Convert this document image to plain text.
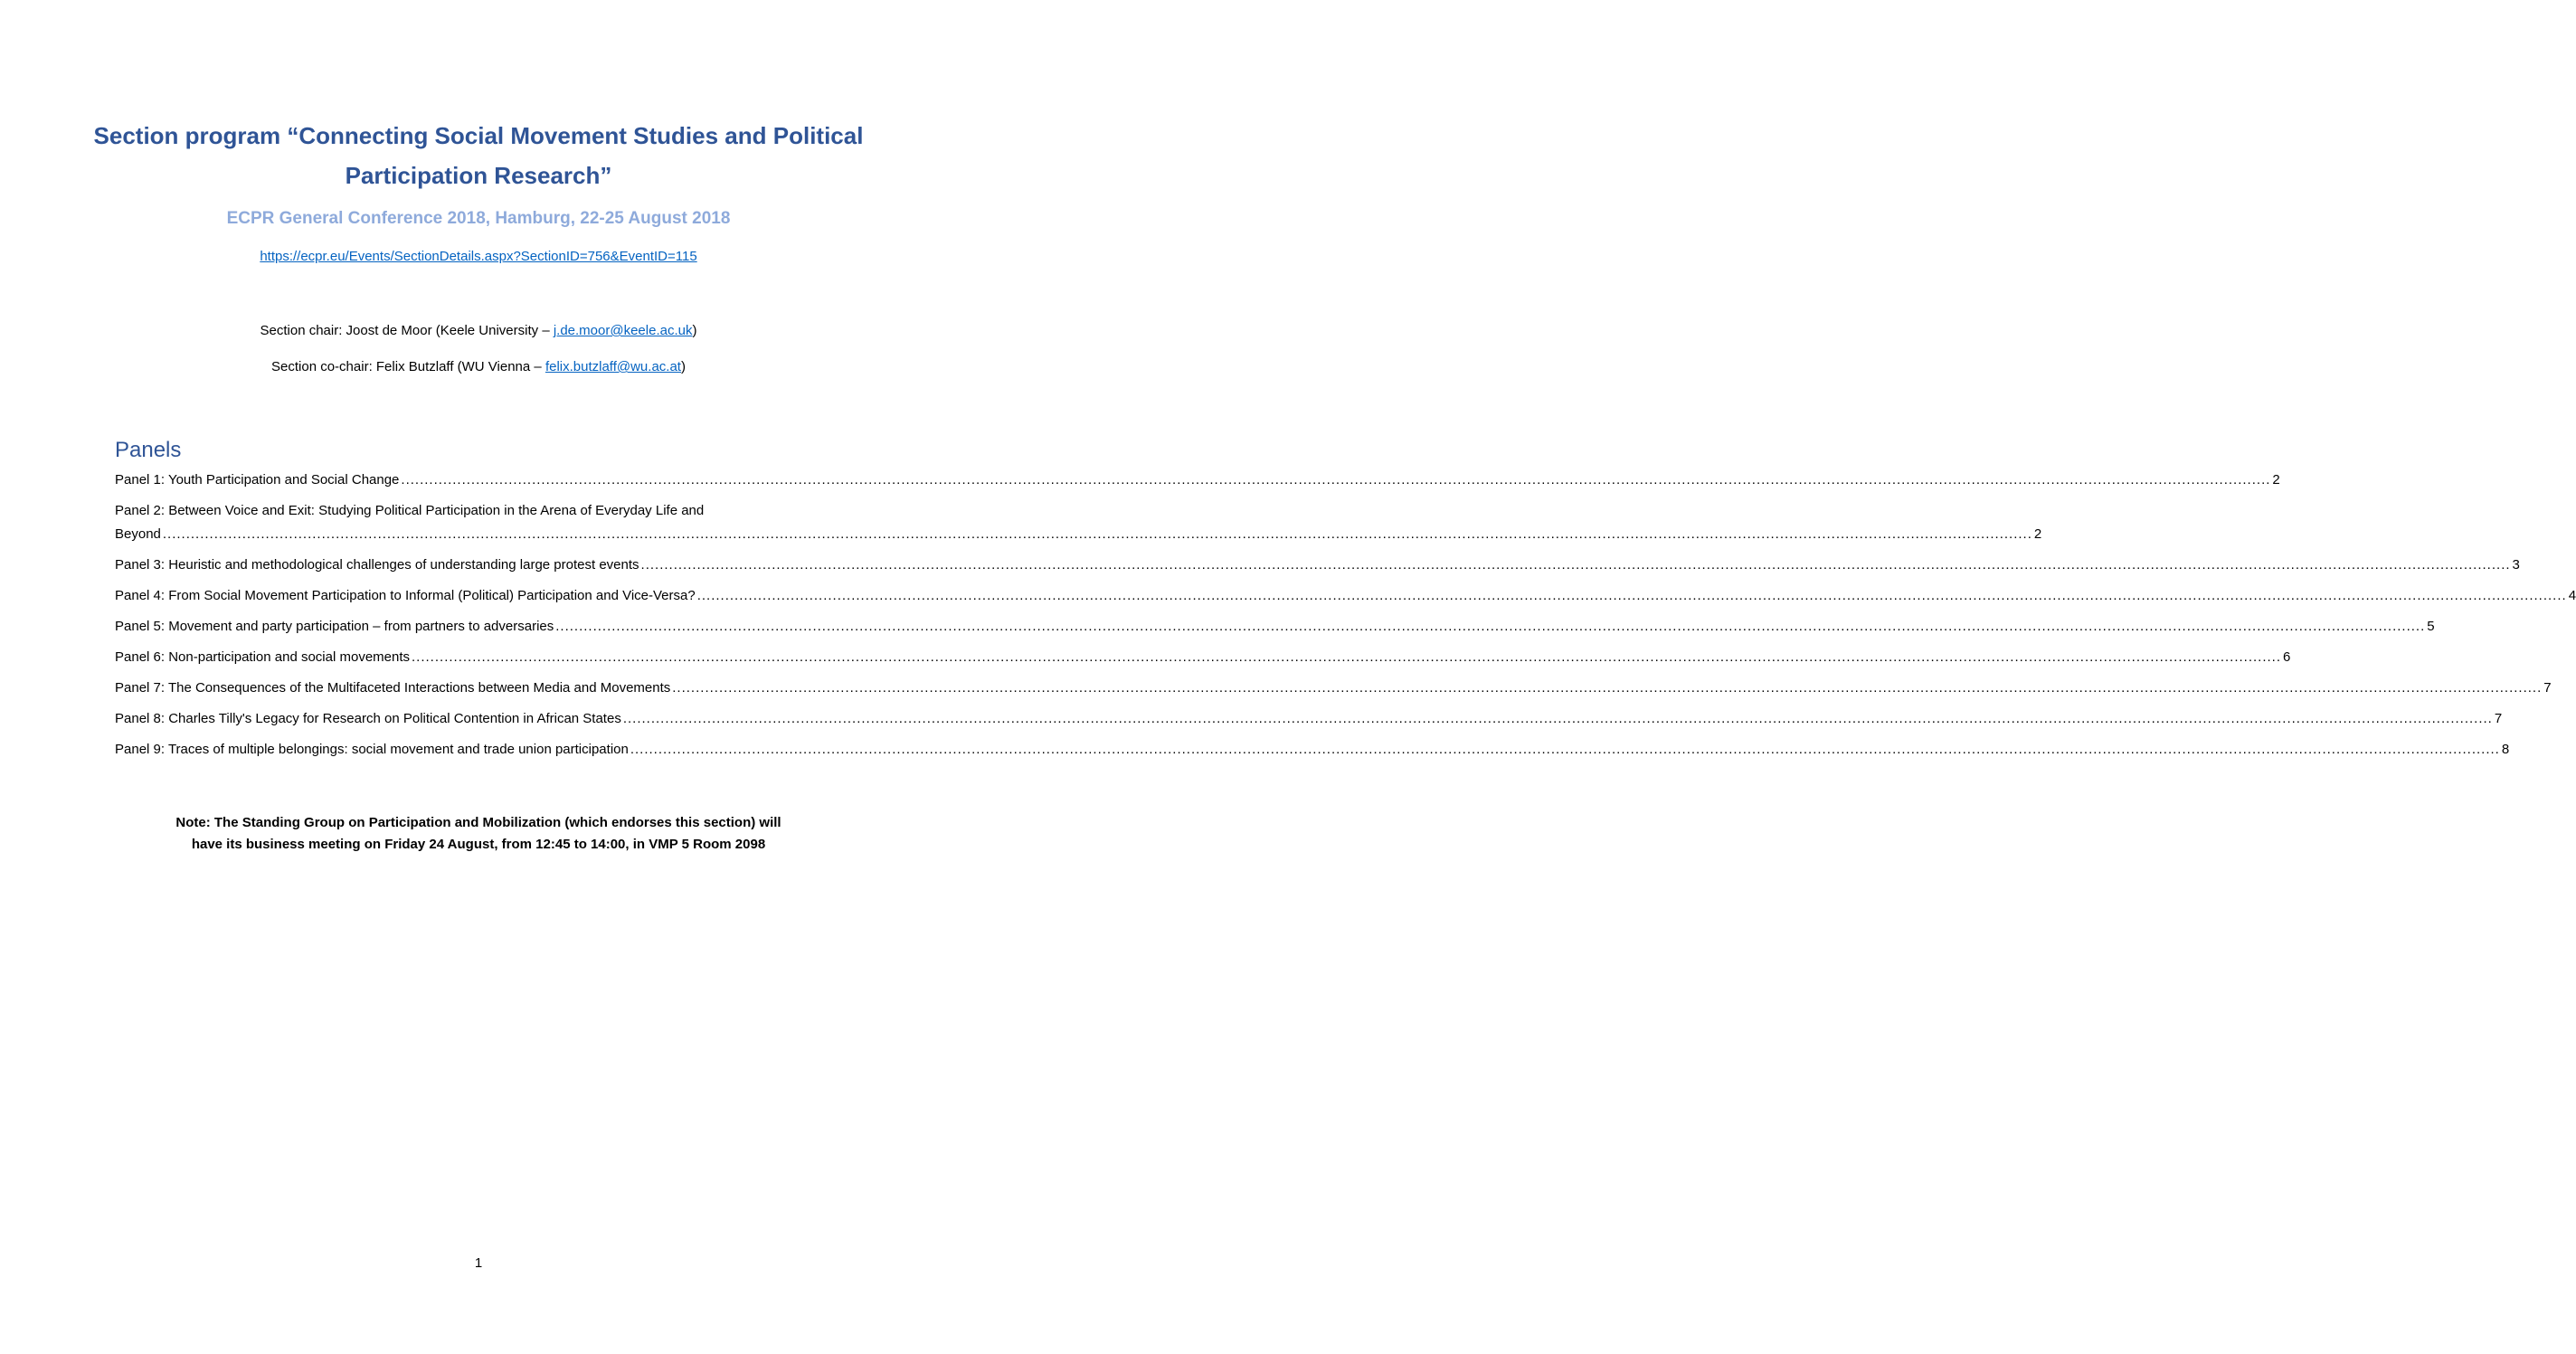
Section program “Connecting Social Movement Studies and Political Participation Research”
ECPR General Conference 2018, Hamburg, 22-25 August 2018
https://ecpr.eu/Events/SectionDetails.aspx?SectionID=756&EventID=115
Section chair: Joost de Moor (Keele University – j.de.moor@keele.ac.uk)
Section co-chair: Felix Butzlaff (WU Vienna – felix.butzlaff@wu.ac.at)
Panels
Panel 1: Youth Participation and Social Change ................................................................................................................................................................................................................................................................................................................................................................................................................ 2
Panel 2: Between Voice and Exit: Studying Political Participation in the Arena of Everyday Life and
Beyond ................................................................................................................................................................................................................................................................................................................................................................................................................ 2
Panel 3: Heuristic and methodological challenges of understanding large protest events ................................................................................................................................................................................................................................................................................................................................................................................................................ 3
Panel 4: From Social Movement Participation to Informal (Political) Participation and Vice-Versa? ................................................................................................................................................................................................................................................................................................................................................................................................................ 4
Panel 5: Movement and party participation – from partners to adversaries ................................................................................................................................................................................................................................................................................................................................................................................................................ 5
Panel 6: Non-participation and social movements ................................................................................................................................................................................................................................................................................................................................................................................................................ 6
Panel 7: The Consequences of the Multifaceted Interactions between Media and Movements ................................................................................................................................................................................................................................................................................................................................................................................................................ 7
Panel 8: Charles Tilly's Legacy for Research on Political Contention in African States ................................................................................................................................................................................................................................................................................................................................................................................................................ 7
Panel 9: Traces of multiple belongings: social movement and trade union participation ................................................................................................................................................................................................................................................................................................................................................................................................................ 8
Note: The Standing Group on Participation and Mobilization (which endorses this section) will
have its business meeting on Friday 24 August, from 12:45 to 14:00, in VMP 5 Room 2098
1
